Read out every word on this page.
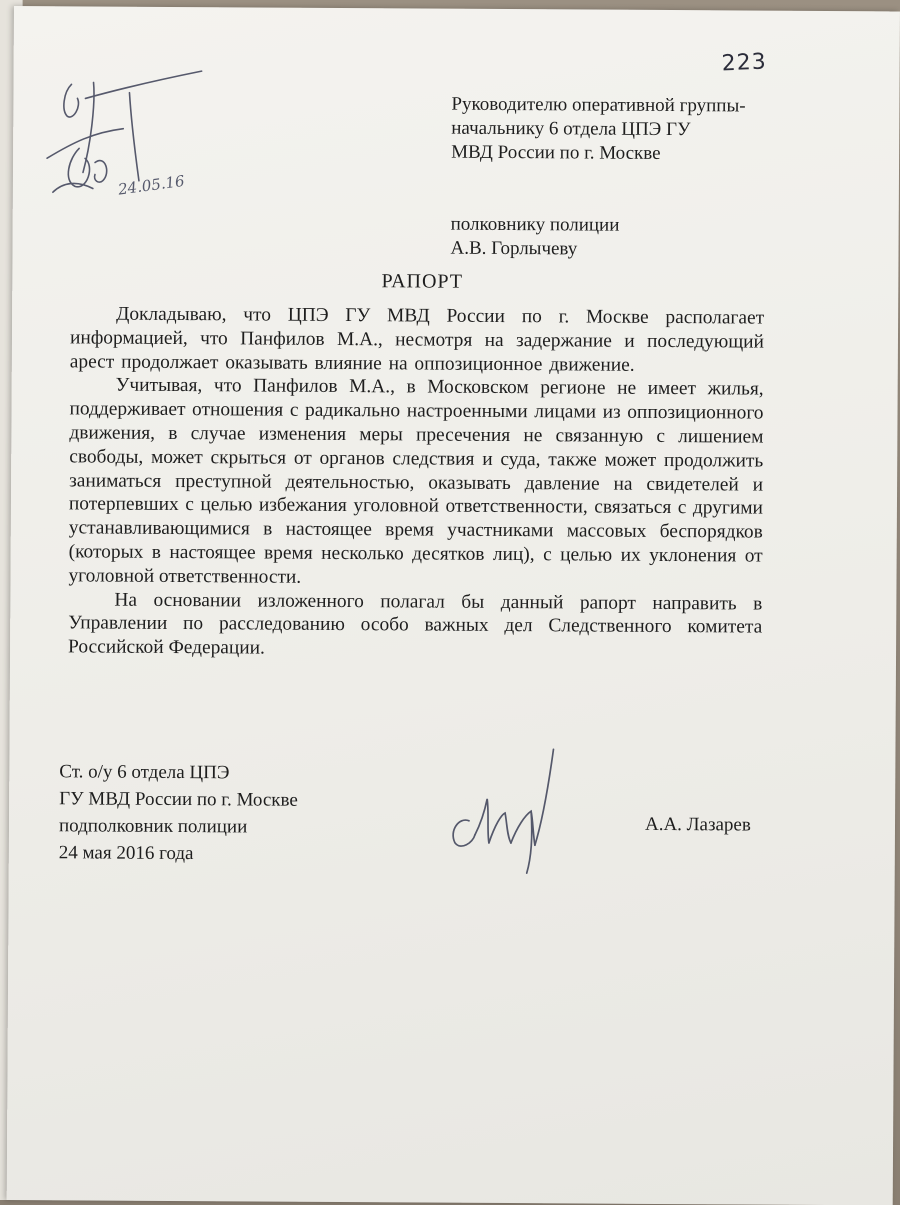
223
24.05.16
Руководителю оперативной группы-
начальнику 6 отдела ЦПЭ ГУ
МВД России по г. Москве
полковнику полиции
А.В. Горлычеву
РАПОРТ

Докладываю, что ЦПЭ ГУ МВД России по г. Москве располагает информацией, что Панфилов М.А., несмотря на задержание и последующий арест продолжает оказывать влияние на оппозиционное движение.

Учитывая, что Панфилов М.А., в Московском регионе не имеет жилья, поддерживает отношения с радикально настроенными лицами из оппозиционного движения, в случае изменения меры пресечения не связанную с лишением свободы, может скрыться от органов следствия и суда, также может продолжить заниматься преступной деятельностью, оказывать давление на свидетелей и потерпевших с целью избежания уголовной ответственности, связаться с другими устанавливающимися в настоящее время участниками массовых беспорядков (которых в настоящее время несколько десятков лиц), с целью их уклонения от уголовной ответственности.

На основании изложенного полагал бы данный рапорт направить в Управлении по расследованию особо важных дел Следственного комитета Российской Федерации.

Ст. о/у 6 отдела ЦПЭ
ГУ МВД России по г. Москве
подполковник полиции
24 мая 2016 года
А.А. Лазарев
